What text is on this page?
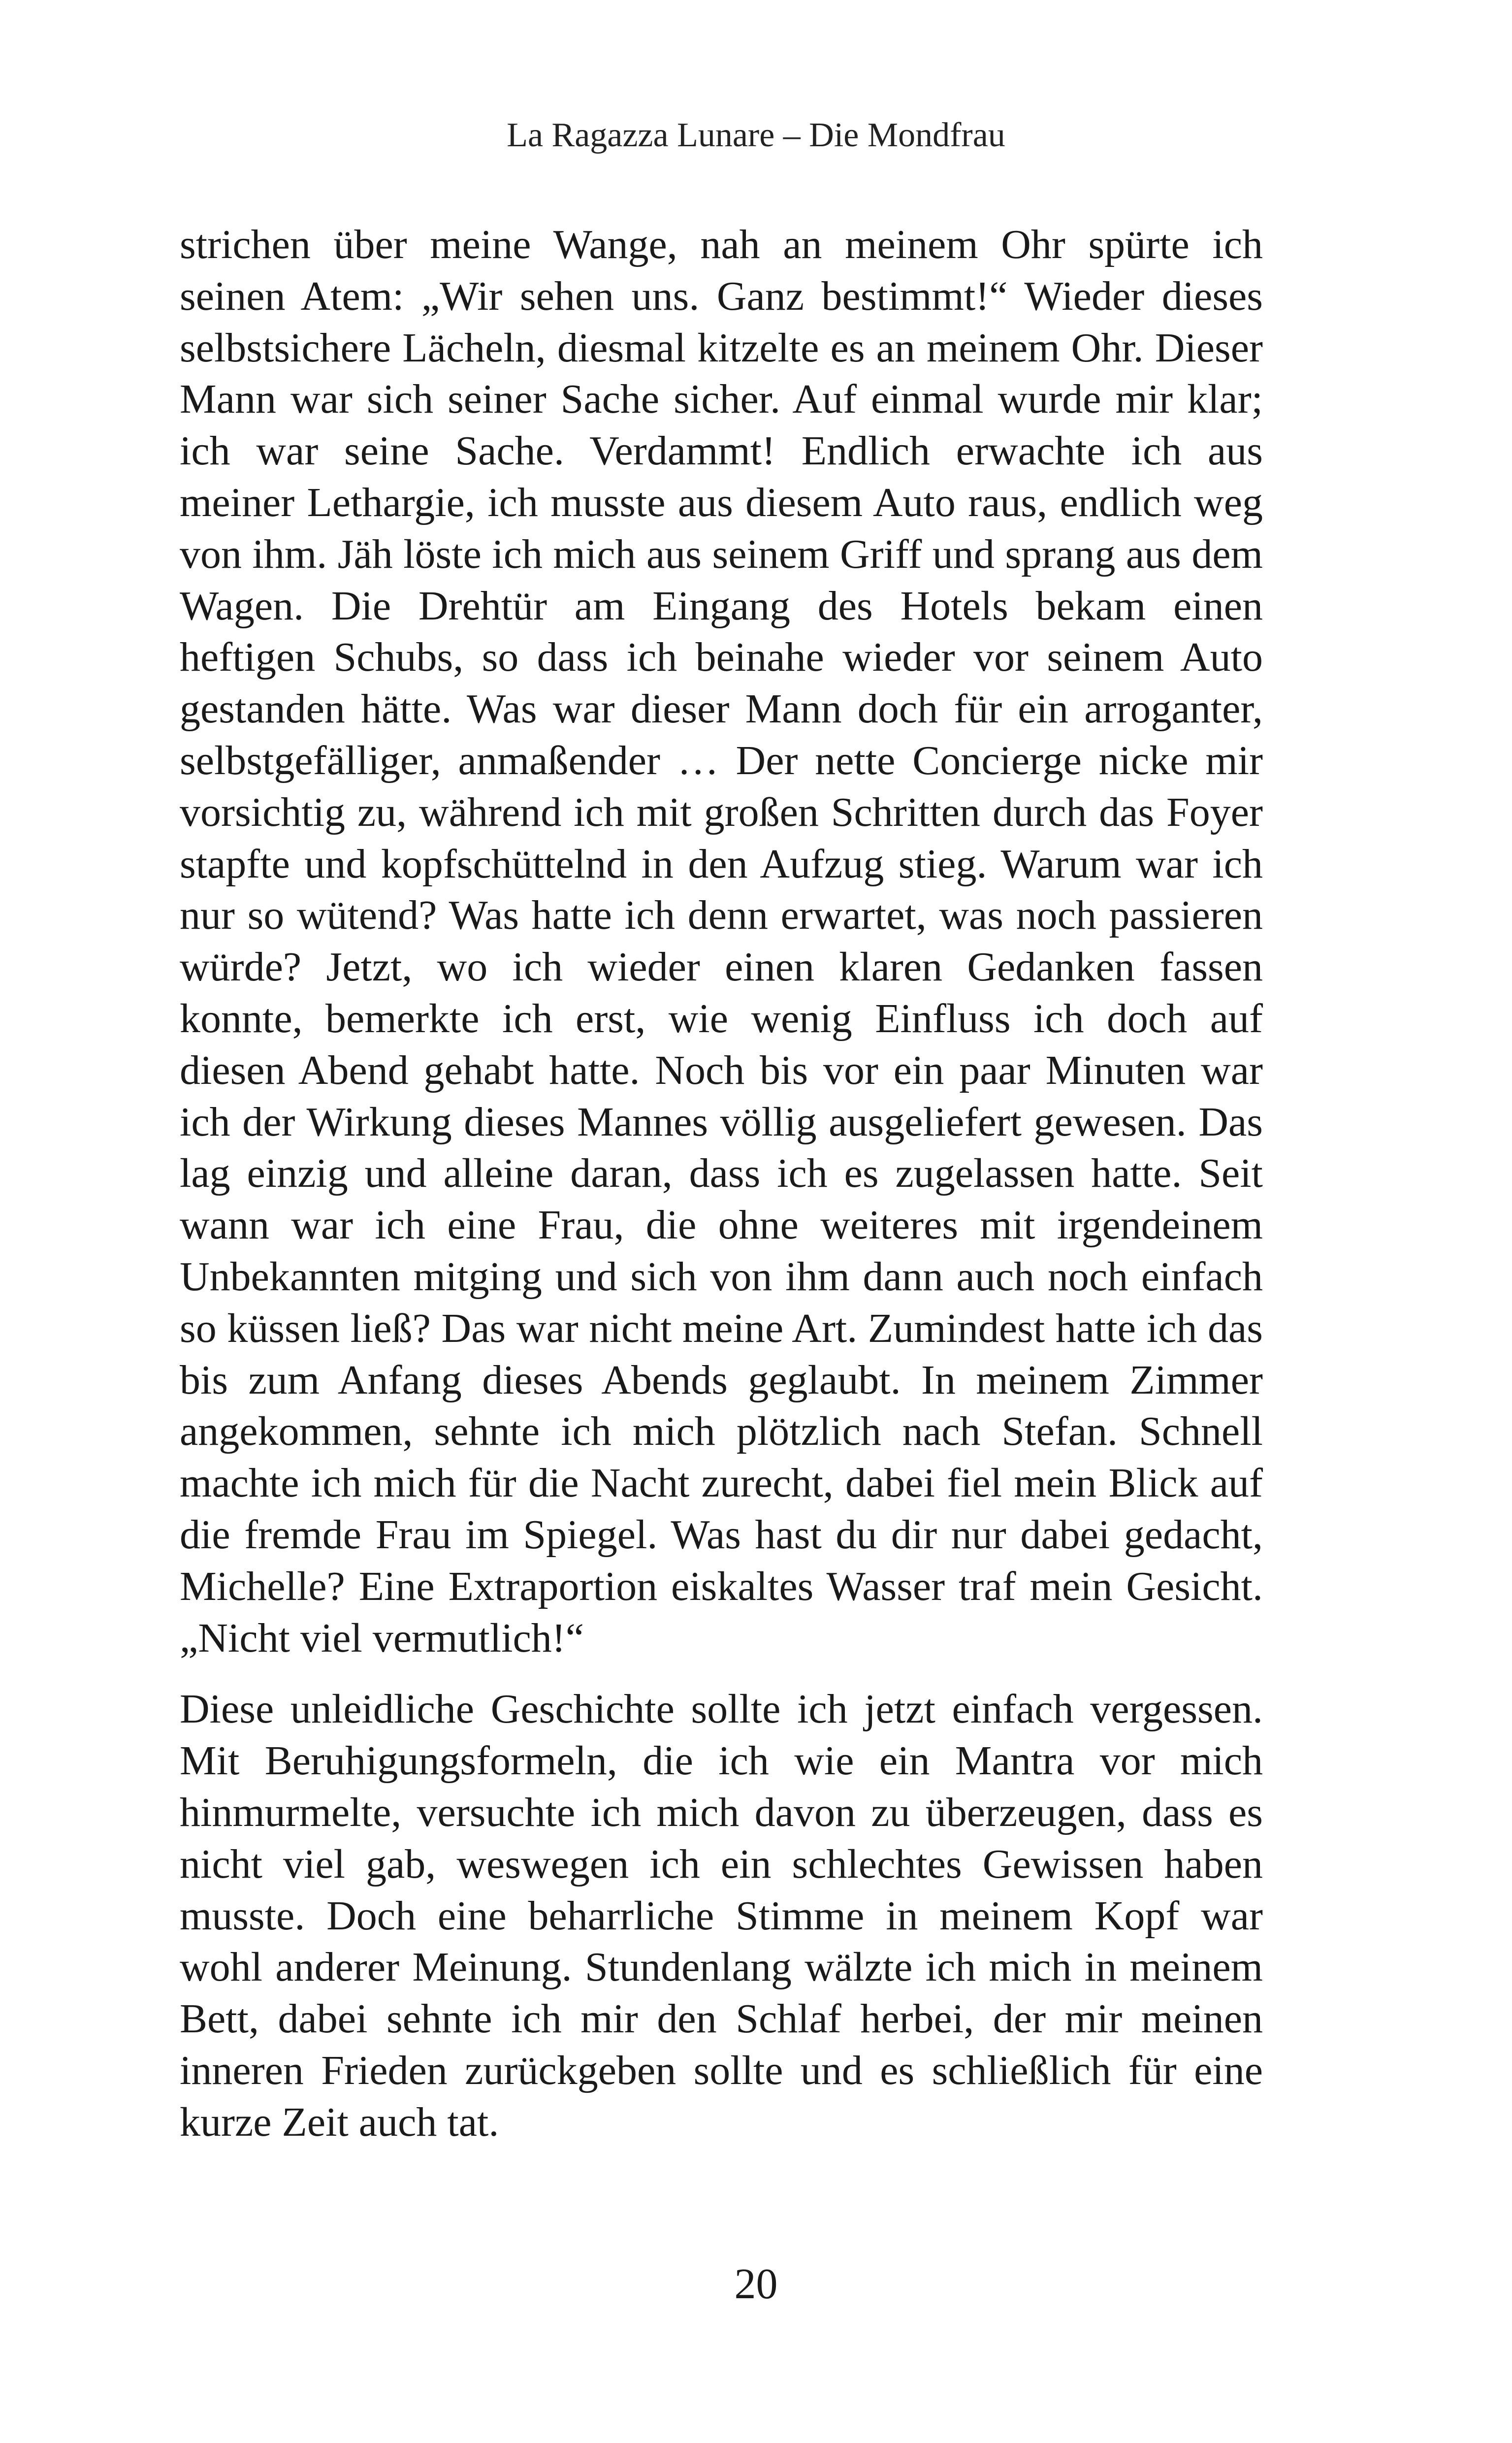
La Ragazza Lunare – Die Mondfrau

strichen über meine Wange, nah an meinem Ohr spürte ich seinen Atem: „Wir sehen uns. Ganz bestimmt!“ Wieder dieses selbstsichere Lächeln, diesmal kitzelte es an meinem Ohr. Dieser Mann war sich seiner Sache sicher. Auf einmal wurde mir klar; ich war seine Sache. Verdammt! Endlich erwachte ich aus meiner Lethargie, ich musste aus diesem Auto raus, endlich weg von ihm. Jäh löste ich mich aus seinem Griff und sprang aus dem Wagen. Die Drehtür am Eingang des Hotels bekam einen heftigen Schubs, so dass ich beinahe wieder vor seinem Auto gestanden hätte. Was war dieser Mann doch für ein arroganter, selbstgefälliger, anmaßender … Der nette Concierge nicke mir vorsichtig zu, während ich mit großen Schritten durch das Foyer stapfte und kopfschüttelnd in den Aufzug stieg. Warum war ich nur so wütend? Was hatte ich denn erwartet, was noch passieren würde? Jetzt, wo ich wieder einen klaren Gedanken fassen konnte, bemerkte ich erst, wie wenig Einfluss ich doch auf diesen Abend gehabt hatte. Noch bis vor ein paar Minuten war ich der Wirkung dieses Mannes völlig ausgeliefert gewesen. Das lag einzig und alleine daran, dass ich es zugelassen hatte. Seit wann war ich eine Frau, die ohne weiteres mit irgendeinem Unbekannten mitging und sich von ihm dann auch noch einfach so küssen ließ? Das war nicht meine Art. Zumindest hatte ich das bis zum Anfang dieses Abends geglaubt. In meinem Zimmer angekommen, sehnte ich mich plötzlich nach Stefan. Schnell machte ich mich für die Nacht zurecht, dabei fiel mein Blick auf die fremde Frau im Spiegel. Was hast du dir nur dabei gedacht, Michelle? Eine Extraportion eiskaltes Wasser traf mein Gesicht. „Nicht viel vermutlich!“

Diese unleidliche Geschichte sollte ich jetzt einfach vergessen. Mit Beruhigungsformeln, die ich wie ein Mantra vor mich hinmurmelte, versuchte ich mich davon zu überzeugen, dass es nicht viel gab, weswegen ich ein schlechtes Gewissen haben musste. Doch eine beharrliche Stimme in meinem Kopf war wohl anderer Meinung. Stundenlang wälzte ich mich in meinem Bett, dabei sehnte ich mir den Schlaf herbei, der mir meinen inneren Frieden zurückgeben sollte und es schließlich für eine kurze Zeit auch tat.

20
